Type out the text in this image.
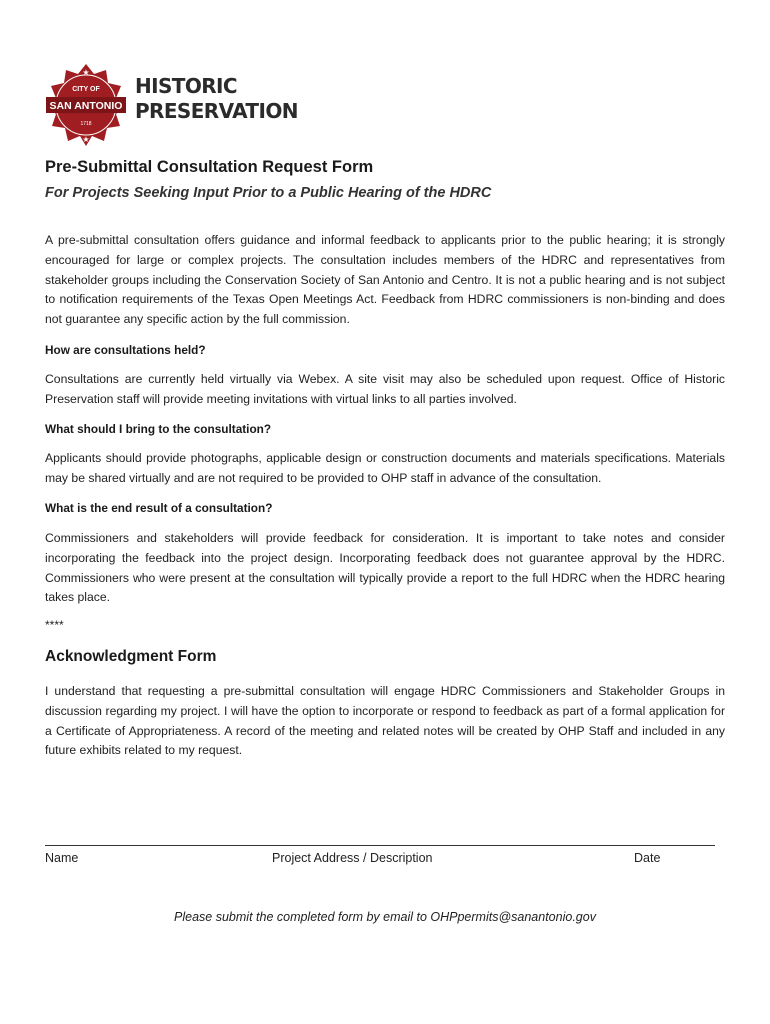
★
★
CITY OF
SAN ANTONIO
1718
HISTORIC
PRESERVATION
Pre-Submittal Consultation Request Form
For Projects Seeking Input Prior to a Public Hearing of the HDRC

A pre-submittal consultation offers guidance and informal feedback to applicants prior to the public hearing; it is strongly encouraged for large or complex projects. The consultation includes members of the HDRC and representatives from stakeholder groups including the Conservation Society of San Antonio and Centro. It is not a public hearing and is not subject to notification requirements of the Texas Open Meetings Act. Feedback from HDRC commissioners is non-binding and does not guarantee any specific action by the full commission.

How are consultations held?

Consultations are currently held virtually via Webex. A site visit may also be scheduled upon request. Office of Historic Preservation staff will provide meeting invitations with virtual links to all parties involved.

What should I bring to the consultation?

Applicants should provide photographs, applicable design or construction documents and materials specifications. Materials may be shared virtually and are not required to be provided to OHP staff in advance of the consultation.

What is the end result of a consultation?

Commissioners and stakeholders will provide feedback for consideration. It is important to take notes and consider incorporating the feedback into the project design. Incorporating feedback does not guarantee approval by the HDRC. Commissioners who were present at the consultation will typically provide a report to the full HDRC when the HDRC hearing takes place.

****
Acknowledgment Form

I understand that requesting a pre-submittal consultation will engage HDRC Commissioners and Stakeholder Groups in discussion regarding my project. I will have the option to incorporate or respond to feedback as part of a formal application for a Certificate of Appropriateness. A record of the meeting and related notes will be created by OHP Staff and included in any future exhibits related to my request.

Name	Project Address / Description	Date
Please submit the completed form by email to OHPpermits@sanantonio.gov
